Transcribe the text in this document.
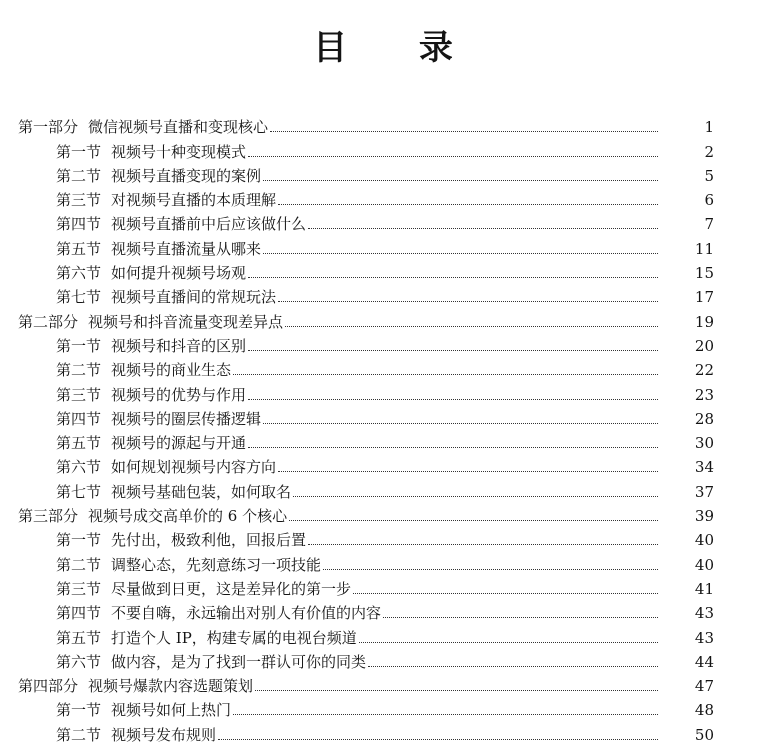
目 录
第一部分 微信视频号直播和变现核心	1
第一节 视频号十种变现模式	2
第二节 视频号直播变现的案例	5
第三节 对视频号直播的本质理解	6
第四节 视频号直播前中后应该做什么	7
第五节 视频号直播流量从哪来	11
第六节 如何提升视频号场观	15
第七节 视频号直播间的常规玩法	17
第二部分 视频号和抖音流量变现差异点	19
第一节 视频号和抖音的区别	20
第二节 视频号的商业生态	22
第三节 视频号的优势与作用	23
第四节 视频号的圈层传播逻辑	28
第五节 视频号的源起与开通	30
第六节 如何规划视频号内容方向	34
第七节 视频号基础包装，如何取名	37
第三部分 视频号成交高单价的 6 个核心	39
第一节 先付出，极致利他，回报后置	40
第二节 调整心态，先刻意练习一项技能	40
第三节 尽量做到日更，这是差异化的第一步	41
第四节 不要自嗨，永远输出对别人有价值的内容	43
第五节 打造个人 IP，构建专属的电视台频道	43
第六节 做内容，是为了找到一群认可你的同类	44
第四部分 视频号爆款内容选题策划	47
第一节 视频号如何上热门	48
第二节 视频号发布规则	50
